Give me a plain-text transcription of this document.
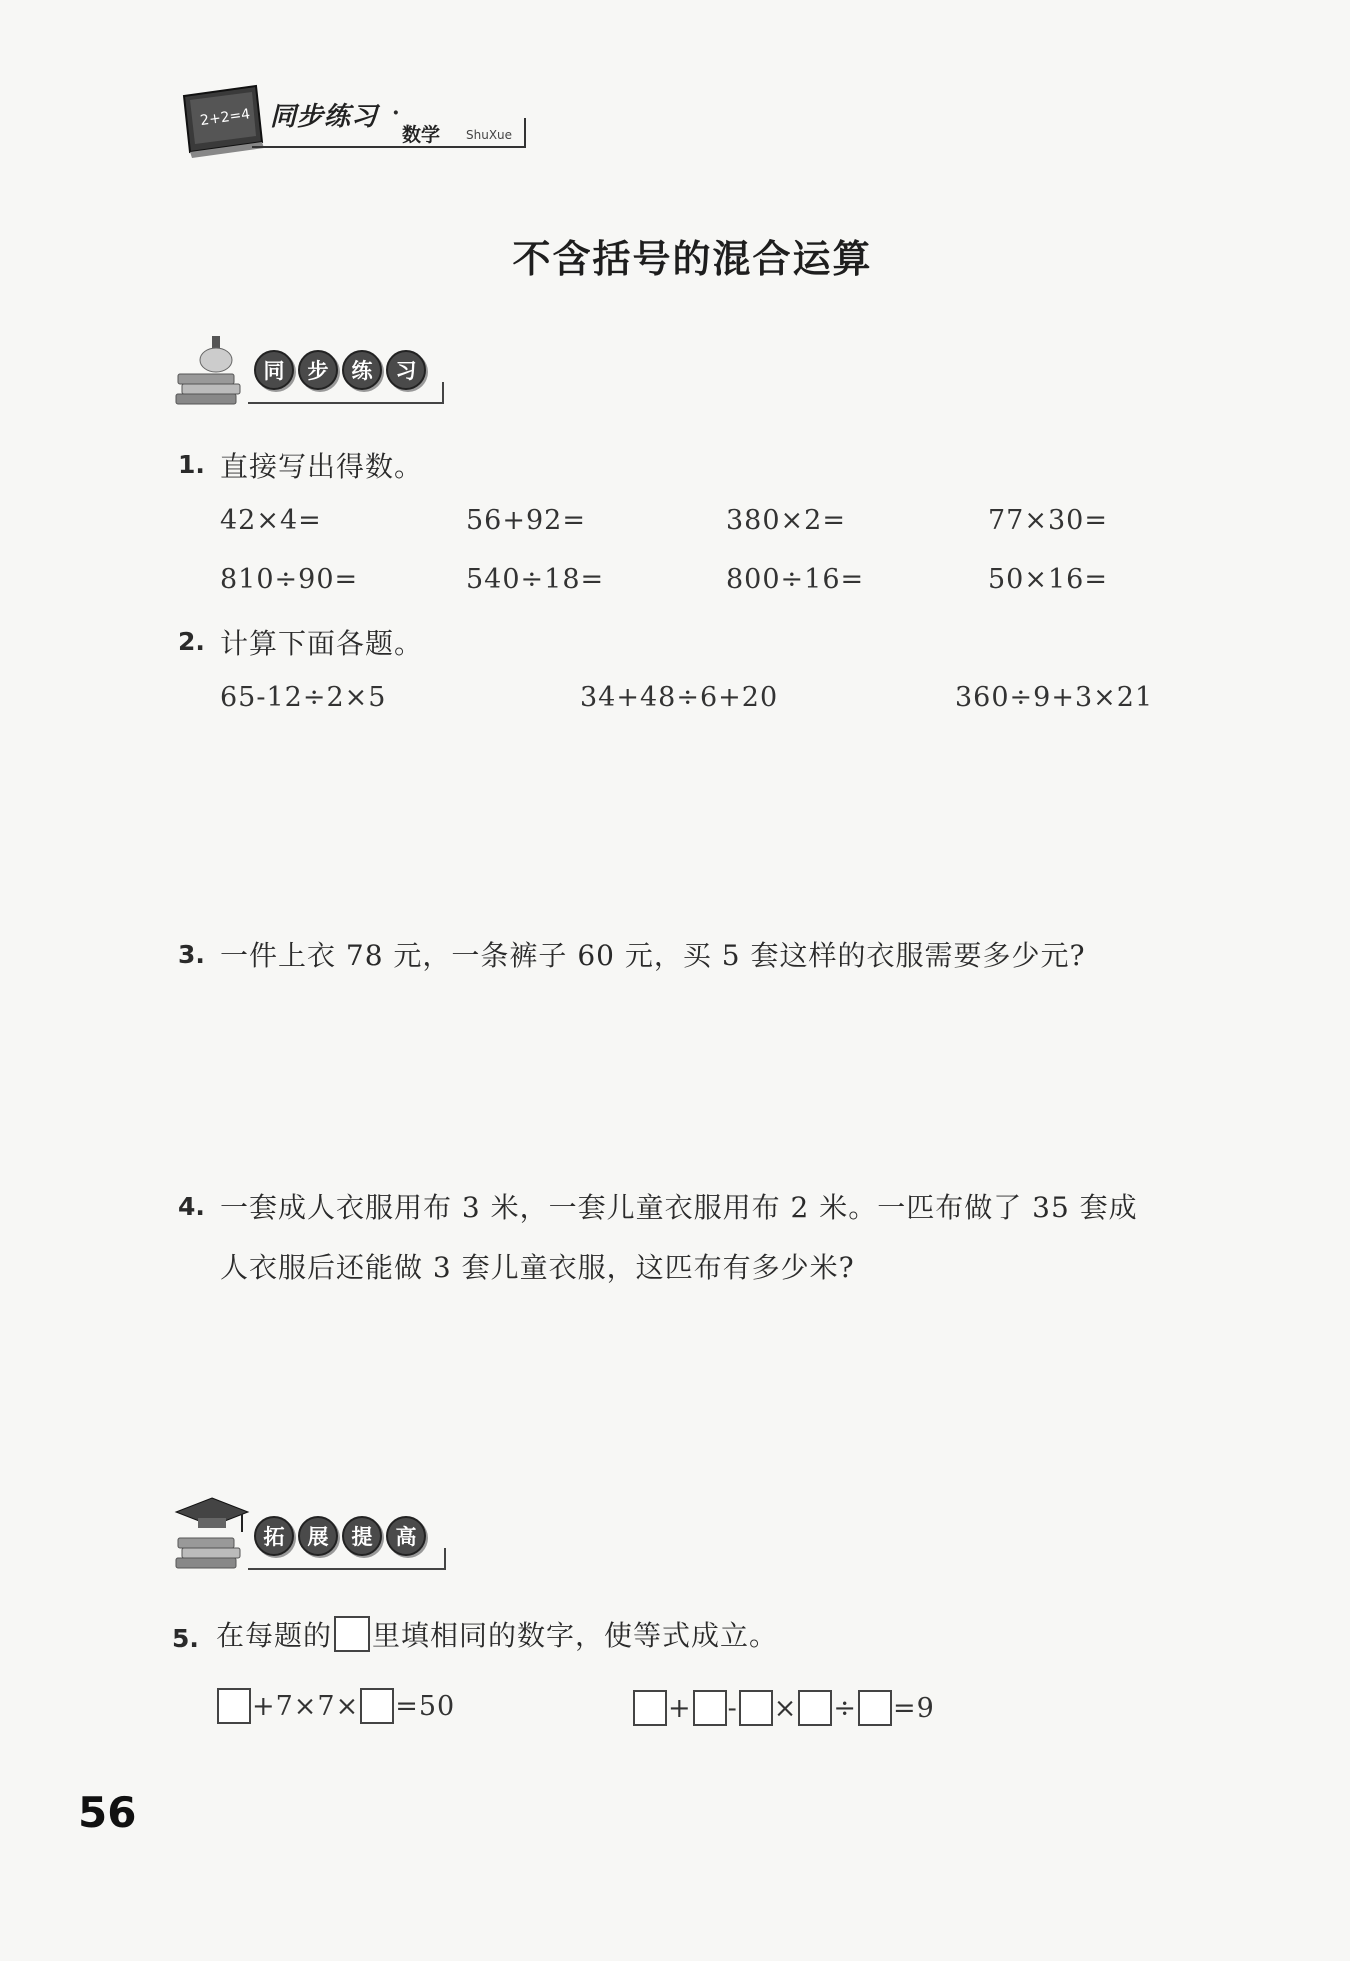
2+2=4 同步练习 ·
数学 ShuXue
不含括号的混合运算
同	步	练	习
1. 直接写出得数。
42×4=	56+92=	380×2=	77×30=
810÷90=	540÷18=	800÷16=	50×16=
2. 计算下面各题。
65-12÷2×5	34+48÷6+20	360÷9+3×21
3. 一件上衣 78 元，一条裤子 60 元，买 5 套这样的衣服需要多少元?
4. 一套成人衣服用布 3 米，一套儿童衣服用布 2 米。一匹布做了 35 套成
人衣服后还能做 3 套儿童衣服，这匹布有多少米?
拓	展	提	高
5. 在每题的 里填相同的数字，使等式成立。
+7×7× =50	+ - × ÷ =9
56
